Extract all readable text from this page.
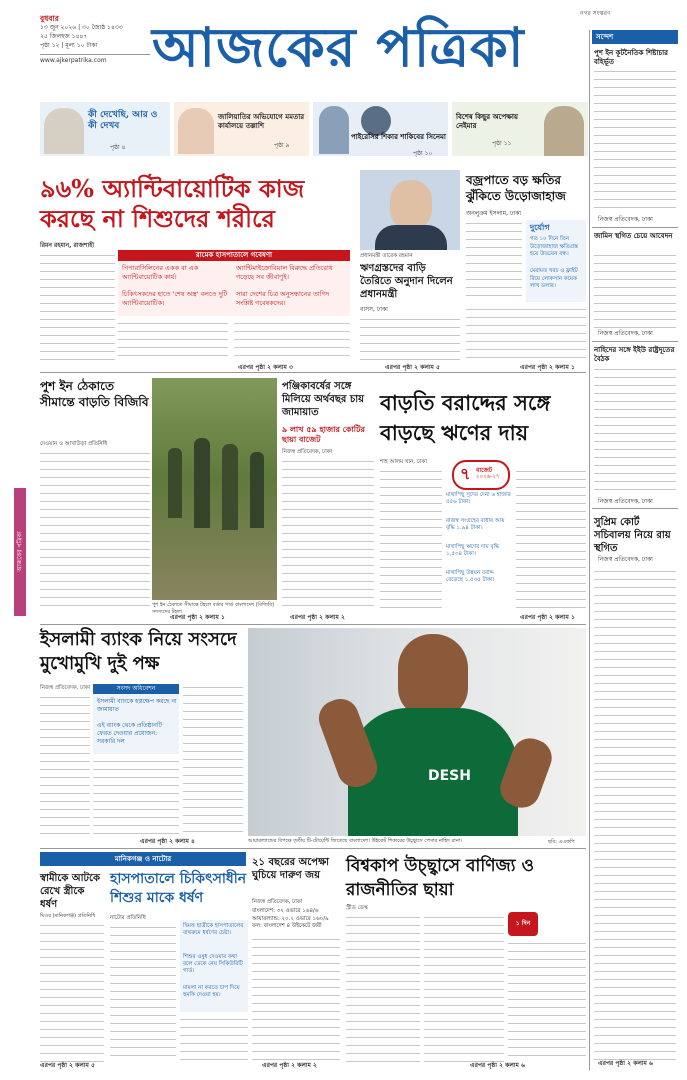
বুধবার
১৩ জুন ২০২৬ | ৩০ জ্যৈষ্ঠ ১৪৩৩
২৫ জিলহজ ১৪৪৭
পৃষ্ঠা ১২ | মূল্য ১০ টাকা
www.ajkerpatrika.com আজকের পত্রিকা
নগর সংস্করণ
কী দেখেছি, আর ও কী দেখব
পৃষ্ঠা ৪
জালিয়াতির অভিযোগে মমতার কার্যালয়ে তল্লাশি
পৃষ্ঠা ৯
পাইরেসির শিকার শাকিবের সিনেমা
পৃষ্ঠা ১০
বিশেষ কিছুর অপেক্ষায় নেইমার
পৃষ্ঠা ১১
সন্দেশ
পুশ ইন কূটনৈতিক শিষ্টাচার বহির্ভূত
নিজস্ব প্রতিবেদক, ঢাকা
জামিন স্থগিত চেয়ে আবেদন
নিজস্ব প্রতিবেদক, ঢাকা
নাহিদের সঙ্গে ইইউ রাষ্ট্রদূতের বৈঠক
নিজস্ব প্রতিবেদক, ঢাকা
সুপ্রিম কোর্ট সচিবালয় নিয়ে রায় স্থগিত
নিজস্ব প্রতিবেদক, ঢাকা
এরপর পৃষ্ঠা ২ কলাম ৬
আজকের পত্রিকা
৯৬% অ্যান্টিবায়োটিক কাজ
করছে না শিশুদের শরীরে
রিমন রহমান, রাজশাহী
রামেক হাসপাতালে গবেষণা
পিপারাসিলিনের একক বা এক অ্যান্টিবায়োটিক কার্য।
অ্যান্টিমাইক্রোবিয়াল বিরুদ্ধে প্রতিরোধ গড়েছে সব জীবাণুই।
চিকিৎসকদের হাতে 'শেষ অস্ত্র' বলতে দুটি অ্যান্টিবায়োটিক।
সারা দেশের চিত্র অনুসন্ধানের তাগিদ সংশ্লিষ্ট গবেষকদের।
এরপর পৃষ্ঠা ২ কলাম ৩
প্রধানমন্ত্রী তারেক রহমান
ঋণগ্রস্তদের বাড়ি তৈরিতে অনুদান দিলেন প্রধানমন্ত্রী
বাসস, ঢাকা
এরপর পৃষ্ঠা ২ কলাম ৫
বজ্রপাতে বড় ক্ষতির ঝুঁকিতে উড়োজাহাজ
অনলুক্রম ইসলাম, ঢাকা
দুর্যোগ
গত ১০ দিনে তিন উড়োজাহাজ ক্ষতিগ্রস্ত হয়ে উড্ডয়ন বন্ধ।
মেরামত খরচ ও ফ্লাইট রিয়ে লোকসান কয়েক লাখ ডলার।
এরপর পৃষ্ঠা ২ কলাম ১
পুশ ইন ঠেকাতে সীমান্তে বাড়তি বিজিবি
দেওয়ান ও আখাউড়া প্রতিনিধি
পুশ ইন ঠেকাতে সীমান্তে টহলে বর্ডার গার্ড বাংলাদেশ (বিজিবি) সদস্যদের টহল।
এরপর পৃষ্ঠা ২ কলাম ১
পঞ্জিকাবর্ষের সঙ্গে মিলিয়ে অর্থবছর চায় জামায়াত
৯ লাখ ৫৯ হাজার কোটির ছায়া বাজেট
নিজস্ব প্রতিবেদক, ঢাকা
এরপর পৃষ্ঠা ২ কলাম ২
বাড়তি বরাদ্দের সঙ্গে বাড়ছে ঋণের দায়
শাহ আলম খান, ঢাকা
৭ বাজেট
২০২৬-২৭
মাথাপিছু সুদের দেনা ৬ হাজার ৫৫৬ টাকা।
রাজস্ব সংগ্রহের বাধায় আয় বৃদ্ধি ১.৯৪ টাকা।
মাথাপিছু ঋণের দায় বৃদ্ধি ১,৫৩৪ টাকা।
মাথাপিছু উন্নয়ন বরাদ্দ বেড়েছে ১,৫৩৫ টাকা।
এরপর পৃষ্ঠা ২ কলাম ১
ইসলামী ব্যাংক নিয়ে সংসদে
মুখোমুখি দুই পক্ষ
নিজস্ব প্রতিবেদক, ঢাকা	সংসদ অধিবেশন
ইসলামী ব্যাংকে হস্তক্ষেপ করছে না জামায়াত
এই ব্যাংক থেকে প্রতিষ্ঠানটি ফেরত দেওয়ার প্রয়োজন: সরকারি দল
এরপর পৃষ্ঠা ২ কলাম ৪
DESH
আয়ারল্যান্ডের বিপক্ষে তৃতীয় টি-টোয়েন্টি জিতেছে বাংলাদেশ। উইকেট শিকারের উচ্ছ্বাসে পেসার নাহিদ রানা।	ছবি: এএফপি
মানিকগঞ্জ ও নাটোর
স্বামীকে আটকে রেখে স্ত্রীকে ধর্ষণ
ঘিওর (মানিকগঞ্জ) প্রতিনিধি
এরপর পৃষ্ঠা ২ কলাম ৫
হাসপাতালে চিকিৎসাধীন শিশুর মাকে ধর্ষণ
নাটোর প্রতিনিধি
দ্বিমত্ত ছাত্রীকে হাসপাতালের বাথরুমে ধর্ষণের চেষ্টা।
শিশুর ওষুধ দেওয়ার কথা বলে ডেকে নেয় সিকিউরিটি গার্ড।
মামলা না করতে চাপ দিয়ে হুমকি দেওয়া হয়।
২১ বছরের অপেক্ষা ঘুচিয়ে দারুণ জয়
নিজস্ব প্রতিবেদক, ঢাকা
বাংলাদেশ: ৩২ ওভারে ১৬৪/৬
আয়ারল্যান্ড: ২০.২ ওভারে ১৬০/৯
ফল: বাংলাদেশ ৪ উইকেটে জয়ী
এরপর পৃষ্ঠা ২ কলাম ২
বিশ্বকাপ উচ্ছ্বাসে বাণিজ্য ও রাজনীতির ছায়া
স্ট্রীড ডেস্ক
১ দিন
এরপর পৃষ্ঠা ২ কলাম ৬
